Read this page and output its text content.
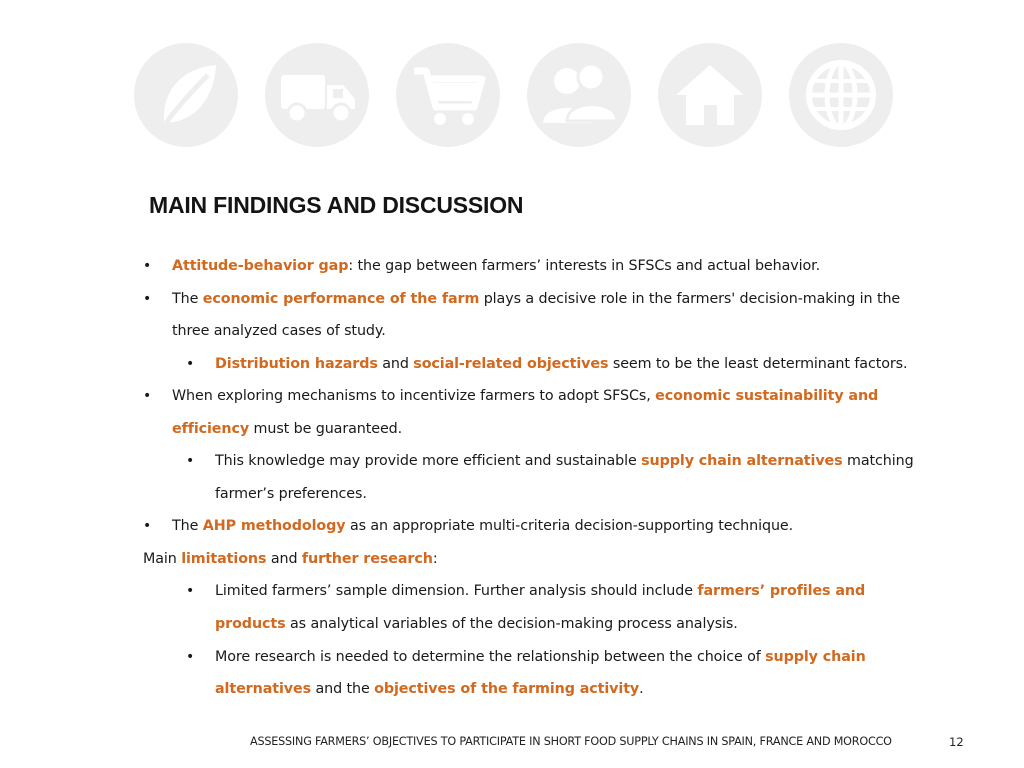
MAIN FINDINGS AND DISCUSSION
• Attitude-behavior gap: the gap between farmers’ interests in SFSCs and actual behavior.
• The economic performance of the farm plays a decisive role in the farmers' decision-making in the
three analyzed cases of study.
• Distribution hazards and social-related objectives seem to be the least determinant factors.
• When exploring mechanisms to incentivize farmers to adopt SFSCs, economic sustainability and
efficiency must be guaranteed.
• This knowledge may provide more efficient and sustainable supply chain alternatives matching
farmer’s preferences.
• The AHP methodology as an appropriate multi-criteria decision-supporting technique.
Main limitations and further research:
• Limited farmers’ sample dimension. Further analysis should include farmers’ profiles and
products as analytical variables of the decision-making process analysis.
• More research is needed to determine the relationship between the choice of supply chain
alternatives and the objectives of the farming activity.
ASSESSING FARMERS’ OBJECTIVES TO PARTICIPATE IN SHORT FOOD SUPPLY CHAINS IN SPAIN, FRANCE AND MOROCCO	12
